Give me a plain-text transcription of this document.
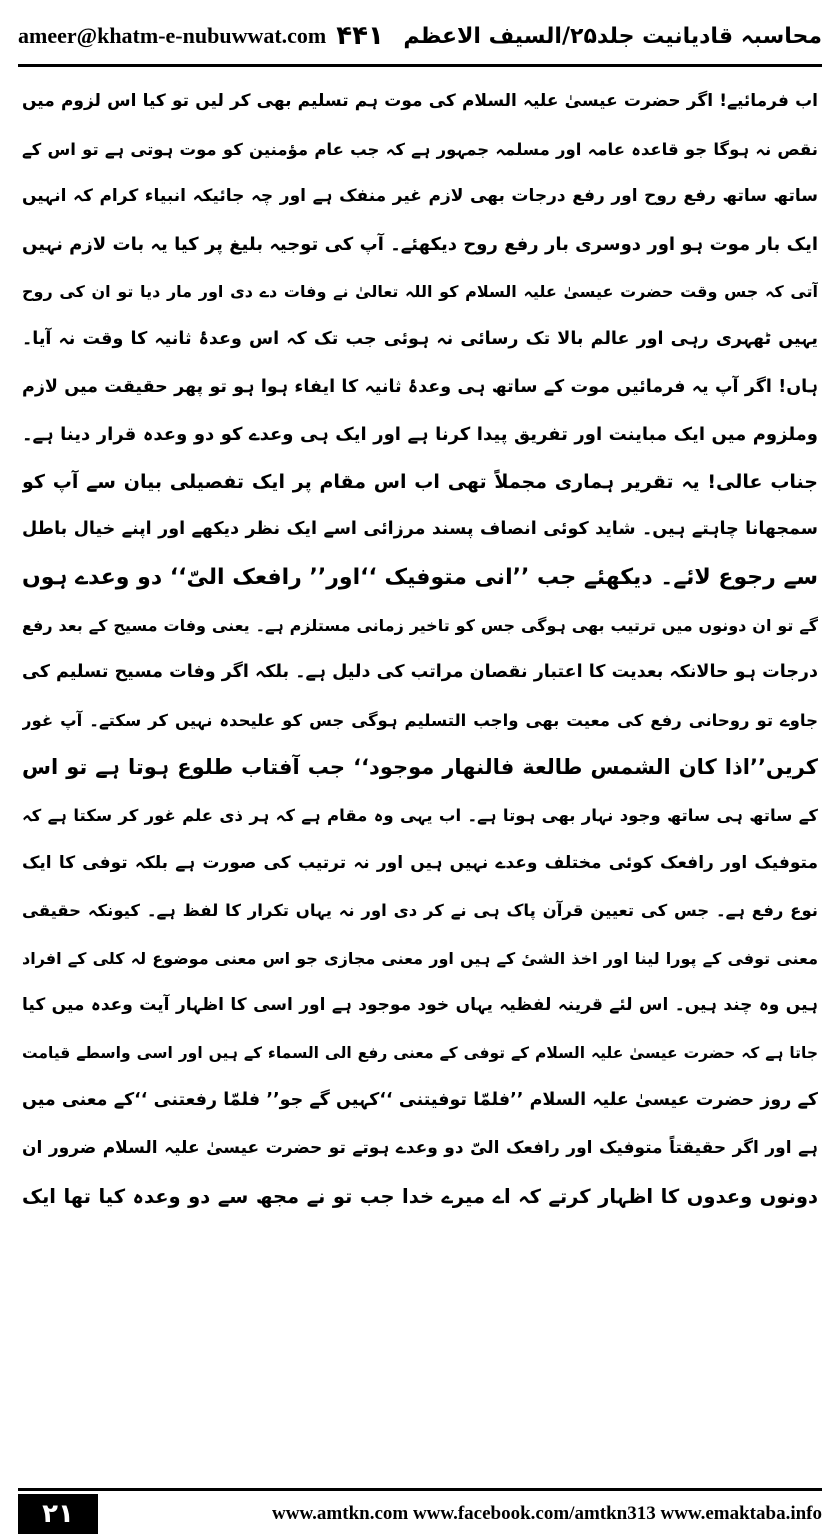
ameer@khatm-e-nubuwwat.com ۴۴۱ محاسبہ قادیانیت جلد۲۵/السیف الاعظم
اب فرمائیے! اگر حضرت عیسیٰ علیہ السلام کی موت ہم تسلیم بھی کر لیں تو کیا اس لزوم میں
نقص نہ ہوگا جو قاعدہ عامہ اور مسلمہ جمہور ہے کہ جب عام مؤمنین کو موت ہوتی ہے تو اس کے
ساتھ ساتھ رفع روح اور رفع درجات بھی لازم غیر منفک ہے اور چہ جائیکہ انبیاء کرام کہ انہیں
ایک بار موت ہو اور دوسری بار رفع روح دیکھئے۔ آپ کی توجیہ بلیغ پر کیا یہ بات لازم نہیں
آتی کہ جس وقت حضرت عیسیٰ علیہ السلام کو اللہ تعالیٰ نے وفات دے دی اور مار دیا تو ان کی روح
یہیں ٹھہری رہی اور عالم بالا تک رسائی نہ ہوئی جب تک کہ اس وعدۂ ثانیہ کا وقت نہ آیا۔
ہاں! اگر آپ یہ فرمائیں موت کے ساتھ ہی وعدۂ ثانیہ کا ایفاء ہوا ہو تو پھر حقیقت میں لازم
وملزوم میں ایک مباینت اور تفریق پیدا کرنا ہے اور ایک ہی وعدے کو دو وعدہ قرار دینا ہے۔
جناب عالی! یہ تقریر ہماری مجملاً تھی اب اس مقام پر ایک تفصیلی بیان سے آپ کو
سمجھانا چاہتے ہیں۔ شاید کوئی انصاف پسند مرزائی اسے ایک نظر دیکھے اور اپنے خیال باطل
سے رجوع لائے۔ دیکھئے جب ’’انی متوفیک ‘‘اور’’ رافعک الیّ‘‘ دو وعدے ہوں
گے تو ان دونوں میں ترتیب بھی ہوگی جس کو تاخیر زمانی مستلزم ہے۔ یعنی وفات مسیح کے بعد رفع
درجات ہو حالانکہ بعدیت کا اعتبار نقصان مراتب کی دلیل ہے۔ بلکہ اگر وفات مسیح تسلیم کی
جاوے تو روحانی رفع کی معیت بھی واجب التسلیم ہوگی جس کو علیحدہ نہیں کر سکتے۔ آپ غور
کریں’’اذا کان الشمس طالعة فالنهار موجود‘‘ جب آفتاب طلوع ہوتا ہے تو اس
کے ساتھ ہی ساتھ وجود نہار بھی ہوتا ہے۔ اب یہی وہ مقام ہے کہ ہر ذی علم غور کر سکتا ہے کہ
متوفیک اور رافعک کوئی مختلف وعدے نہیں ہیں اور نہ ترتیب کی صورت ہے بلکہ توفی کا ایک
نوع رفع ہے۔ جس کی تعیین قرآن پاک ہی نے کر دی اور نہ یہاں تکرار کا لفظ ہے۔ کیونکہ حقیقی
معنی توفی کے پورا لینا اور اخذ الشیٔ کے ہیں اور معنی مجازی جو اس معنی موضوع لہ کلی کے افراد
ہیں وہ چند ہیں۔ اس لئے قرینہ لفظیہ یہاں خود موجود ہے اور اسی کا اظہار آیت وعدہ میں کیا
جاتا ہے کہ حضرت عیسیٰ علیہ السلام کے توفی کے معنی رفع الی السماء کے ہیں اور اسی واسطے قیامت
کے روز حضرت عیسیٰ علیہ السلام ’’فلمّا توفیتنی ‘‘کہیں گے جو’’ فلمّا رفعتنی ‘‘کے معنی میں
ہے اور اگر حقیقتاً متوفیک اور رافعک الیّ دو وعدے ہوتے تو حضرت عیسیٰ علیہ السلام ضرور ان
دونوں وعدوں کا اظہار کرتے کہ اے میرے خدا جب تو نے مجھ سے دو وعدہ کیا تھا ایک
۲۱	www.amtkn.com www.facebook.com/amtkn313 www.emaktaba.info
